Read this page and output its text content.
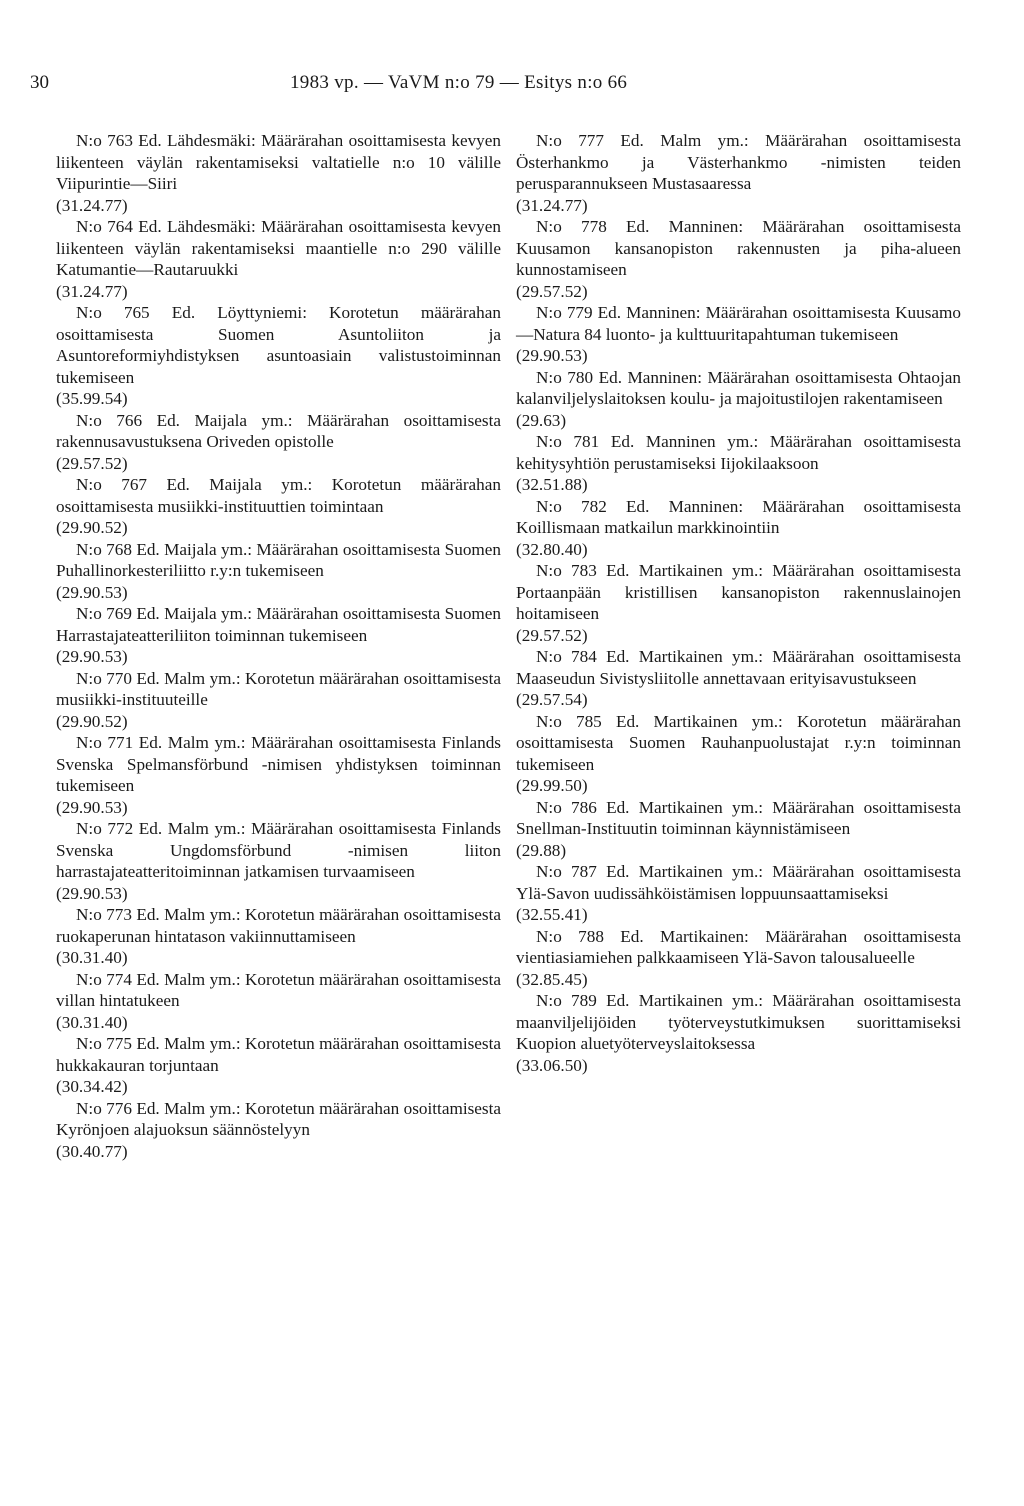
30	1983 vp. — VaVM n:o 79 — Esitys n:o 66
N:o 763 Ed. Lähdesmäki: Määrärahan osoittamisesta kevyen liikenteen väylän rakentamiseksi valtatielle n:o 10 välille Viipurintie—Siiri
(31.24.77)
N:o 764 Ed. Lähdesmäki: Määrärahan osoittamisesta kevyen liikenteen väylän rakentamiseksi maantielle n:o 290 välille Katumantie—Rautaruukki
(31.24.77)
N:o 765 Ed. Löyttyniemi: Korotetun määrärahan osoittamisesta Suomen Asuntoliiton ja Asuntoreformiyhdistyksen asuntoasiain valistustoiminnan tukemiseen
(35.99.54)
N:o 766 Ed. Maijala ym.: Määrärahan osoittamisesta rakennusavustuksena Oriveden opistolle
(29.57.52)
N:o 767 Ed. Maijala ym.: Korotetun määrärahan osoittamisesta musiikki-instituuttien toimintaan
(29.90.52)
N:o 768 Ed. Maijala ym.: Määrärahan osoittamisesta Suomen Puhallinorkesteriliitto r.y:n tukemiseen
(29.90.53)
N:o 769 Ed. Maijala ym.: Määrärahan osoittamisesta Suomen Harrastajateatteriliiton toiminnan tukemiseen
(29.90.53)
N:o 770 Ed. Malm ym.: Korotetun määrärahan osoittamisesta musiikki-instituuteille
(29.90.52)
N:o 771 Ed. Malm ym.: Määrärahan osoittamisesta Finlands Svenska Spelmansförbund -nimisen yhdistyksen toiminnan tukemiseen
(29.90.53)
N:o 772 Ed. Malm ym.: Määrärahan osoittamisesta Finlands Svenska Ungdomsförbund -nimisen liiton harrastajateatteritoiminnan jatkamisen turvaamiseen
(29.90.53)
N:o 773 Ed. Malm ym.: Korotetun määrärahan osoittamisesta ruokaperunan hintatason vakiinnuttamiseen
(30.31.40)
N:o 774 Ed. Malm ym.: Korotetun määrärahan osoittamisesta villan hintatukeen
(30.31.40)
N:o 775 Ed. Malm ym.: Korotetun määrärahan osoittamisesta hukkakauran torjuntaan
(30.34.42)
N:o 776 Ed. Malm ym.: Korotetun määrärahan osoittamisesta Kyrönjoen alajuoksun säännöstelyyn
(30.40.77)
N:o 777 Ed. Malm ym.: Määrärahan osoittamisesta Österhankmo ja Västerhankmo -nimisten teiden perusparannukseen Mustasaaressa
(31.24.77)
N:o 778 Ed. Manninen: Määrärahan osoittamisesta Kuusamon kansanopiston rakennusten ja piha-alueen kunnostamiseen
(29.57.52)
N:o 779 Ed. Manninen: Määrärahan osoittamisesta Kuusamo—Natura 84 luonto- ja kulttuuritapahtuman tukemiseen
(29.90.53)
N:o 780 Ed. Manninen: Määrärahan osoittamisesta Ohtaojan kalanviljelyslaitoksen koulu- ja majoitustilojen rakentamiseen
(29.63)
N:o 781 Ed. Manninen ym.: Määrärahan osoittamisesta kehitysyhtiön perustamiseksi Iijokilaaksoon
(32.51.88)
N:o 782 Ed. Manninen: Määrärahan osoittamisesta Koillismaan matkailun markkinointiin
(32.80.40)
N:o 783 Ed. Martikainen ym.: Määrärahan osoittamisesta Portaanpään kristillisen kansanopiston rakennuslainojen hoitamiseen
(29.57.52)
N:o 784 Ed. Martikainen ym.: Määrärahan osoittamisesta Maaseudun Sivistysliitolle annettavaan erityisavustukseen
(29.57.54)
N:o 785 Ed. Martikainen ym.: Korotetun määrärahan osoittamisesta Suomen Rauhanpuolustajat r.y:n toiminnan tukemiseen
(29.99.50)
N:o 786 Ed. Martikainen ym.: Määrärahan osoittamisesta Snellman-Instituutin toiminnan käynnistämiseen
(29.88)
N:o 787 Ed. Martikainen ym.: Määrärahan osoittamisesta Ylä-Savon uudissähköistämisen loppuunsaattamiseksi
(32.55.41)
N:o 788 Ed. Martikainen: Määrärahan osoittamisesta vientiasiamiehen palkkaamiseen Ylä-Savon talousalueelle
(32.85.45)
N:o 789 Ed. Martikainen ym.: Määrärahan osoittamisesta maanviljelijöiden työterveystutkimuksen suorittamiseksi Kuopion aluetyöterveyslaitoksessa
(33.06.50)
